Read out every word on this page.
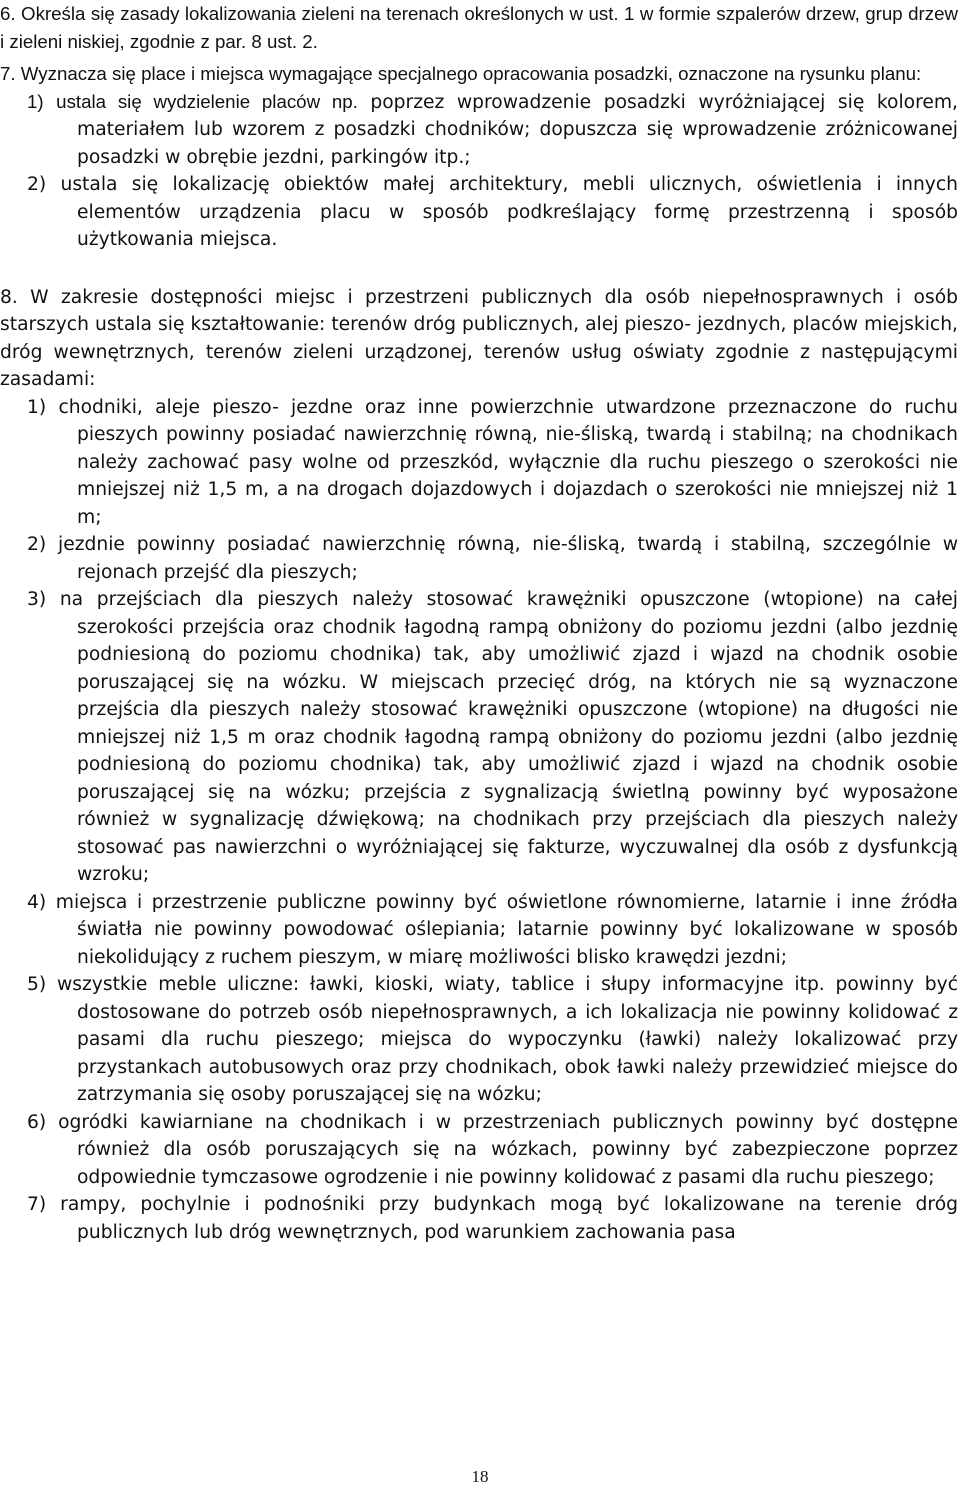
6. Określa się zasady lokalizowania zieleni na terenach określonych w ust. 1 w formie szpalerów drzew, grup drzew i zieleni niskiej, zgodnie z par. 8 ust. 2.

7. Wyznacza się place i miejsca wymagające specjalnego opracowania posadzki, oznaczone na rysunku planu:

1) ustala się wydzielenie placów np. poprzez wprowadzenie posadzki wyróżniającej się kolorem, materiałem lub wzorem z posadzki chodników; dopuszcza się wprowadzenie zróżnicowanej posadzki w obrębie jezdni, parkingów itp.;

2) ustala się lokalizację obiektów małej architektury, mebli ulicznych, oświetlenia i innych elementów urządzenia placu w sposób podkreślający formę przestrzenną i sposób użytkowania miejsca.

8. W zakresie dostępności miejsc i przestrzeni publicznych dla osób niepełnosprawnych i osób starszych ustala się kształtowanie: terenów dróg publicznych, alej pieszo- jezdnych, placów miejskich, dróg wewnętrznych, terenów zieleni urządzonej, terenów usług oświaty zgodnie z następującymi zasadami:

1) chodniki, aleje pieszo- jezdne oraz inne powierzchnie utwardzone przeznaczone do ruchu pieszych powinny posiadać nawierzchnię równą, nie-śliską, twardą i stabilną; na chodnikach należy zachować pasy wolne od przeszkód, wyłącznie dla ruchu pieszego o szerokości nie mniejszej niż 1,5 m, a na drogach dojazdowych i dojazdach o szerokości nie mniejszej niż 1 m;

2) jezdnie powinny posiadać nawierzchnię równą, nie-śliską, twardą i stabilną, szczególnie w rejonach przejść dla pieszych;

3) na przejściach dla pieszych należy stosować krawężniki opuszczone (wtopione) na całej szerokości przejścia oraz chodnik łagodną rampą obniżony do poziomu jezdni (albo jezdnię podniesioną do poziomu chodnika) tak, aby umożliwić zjazd i wjazd na chodnik osobie poruszającej się na wózku. W miejscach przecięć dróg, na których nie są wyznaczone przejścia dla pieszych należy stosować krawężniki opuszczone (wtopione) na długości nie mniejszej niż 1,5 m oraz chodnik łagodną rampą obniżony do poziomu jezdni (albo jezdnię podniesioną do poziomu chodnika) tak, aby umożliwić zjazd i wjazd na chodnik osobie poruszającej się na wózku; przejścia z sygnalizacją świetlną powinny być wyposażone również w sygnalizację dźwiękową; na chodnikach przy przejściach dla pieszych należy stosować pas nawierzchni o wyróżniającej się fakturze, wyczuwalnej dla osób z dysfunkcją wzroku;

4) miejsca i przestrzenie publiczne powinny być oświetlone równomierne, latarnie i inne źródła światła nie powinny powodować oślepiania; latarnie powinny być lokalizowane w sposób niekolidujący z ruchem pieszym, w miarę możliwości blisko krawędzi jezdni;

5) wszystkie meble uliczne: ławki, kioski, wiaty, tablice i słupy informacyjne itp. powinny być dostosowane do potrzeb osób niepełnosprawnych, a ich lokalizacja nie powinny kolidować z pasami dla ruchu pieszego; miejsca do wypoczynku (ławki) należy lokalizować przy przystankach autobusowych oraz przy chodnikach, obok ławki należy przewidzieć miejsce do zatrzymania się osoby poruszającej się na wózku;

6) ogródki kawiarniane na chodnikach i w przestrzeniach publicznych powinny być dostępne również dla osób poruszających się na wózkach, powinny być zabezpieczone poprzez odpowiednie tymczasowe ogrodzenie i nie powinny kolidować z pasami dla ruchu pieszego;

7) rampy, pochylnie i podnośniki przy budynkach mogą być lokalizowane na terenie dróg publicznych lub dróg wewnętrznych, pod warunkiem zachowania pasa

18
